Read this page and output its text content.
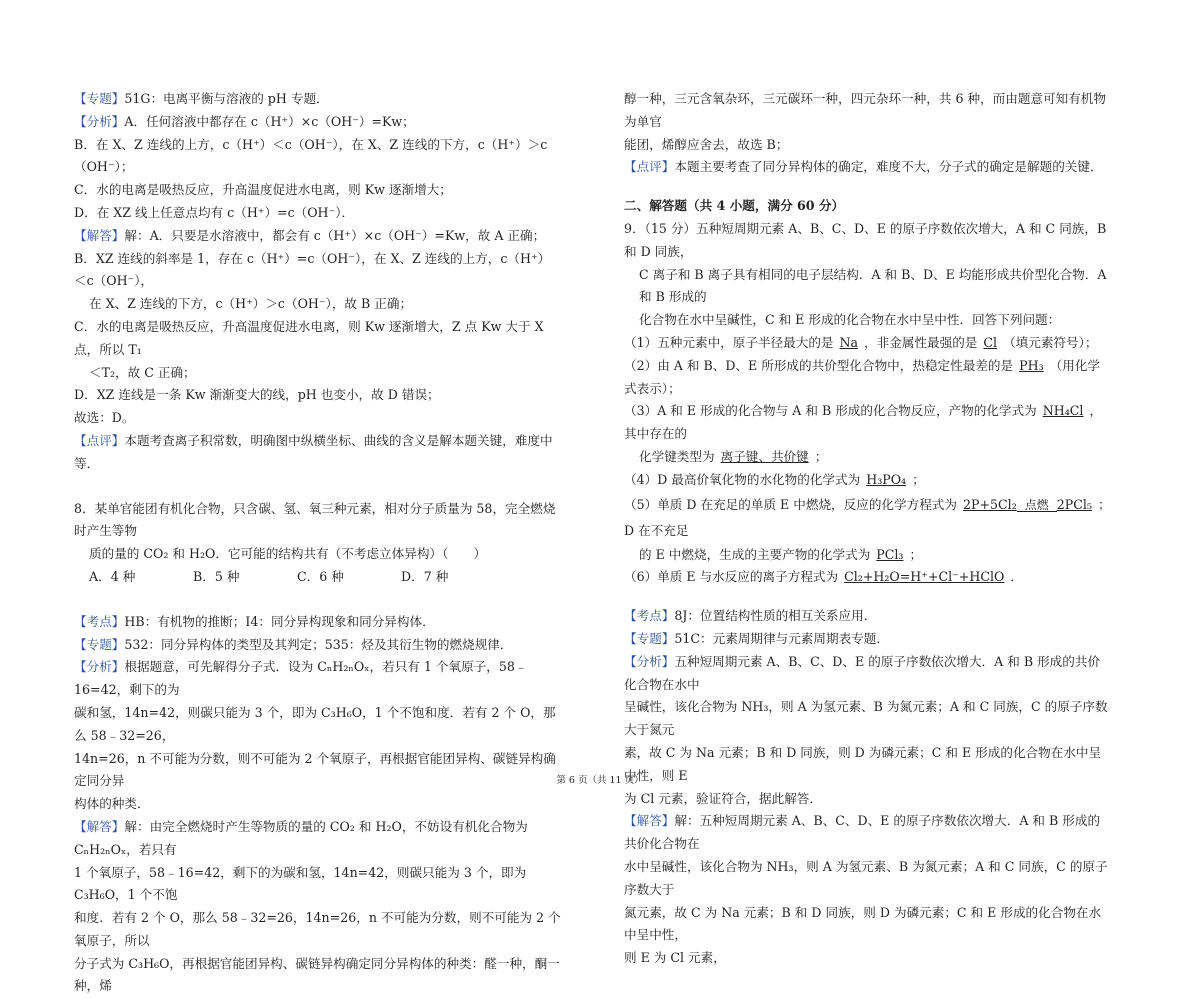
【专题】51G：电离平衡与溶液的 pH 专题．

【分析】A．任何溶液中都存在 c（H⁺）×c（OH⁻）=Kw；

B．在 X、Z 连线的上方，c（H⁺）＜c（OH⁻），在 X、Z 连线的下方，c（H⁺）＞c（OH⁻）；

C．水的电离是吸热反应，升高温度促进水电离，则 Kw 逐渐增大；

D．在 XZ 线上任意点均有 c（H⁺）=c（OH⁻）．

【解答】解：A．只要是水溶液中，都会有 c（H⁺）×c（OH⁻）=Kw，故 A 正确；

B．XZ 连线的斜率是 1，存在 c（H⁺）=c（OH⁻），在 X、Z 连线的上方，c（H⁺）＜c（OH⁻），

在 X、Z 连线的下方，c（H⁺）＞c（OH⁻），故 B 正确；

C．水的电离是吸热反应，升高温度促进水电离，则 Kw 逐渐增大，Z 点 Kw 大于 X 点，所以 T₁

＜T₂，故 C 正确；

D．XZ 连线是一条 Kw 渐渐变大的线，pH 也变小，故 D 错误；

故选：D。

【点评】本题考查离子积常数，明确图中纵横坐标、曲线的含义是解本题关键，难度中等．

8．某单官能团有机化合物，只含碳、氢、氧三种元素，相对分子质量为 58，完全燃烧时产生等物

质的量的 CO₂ 和 H₂O．它可能的结构共有（不考虑立体异构）（　　）

A．4 种	B．5 种	C．6 种	D．7 种

【考点】HB：有机物的推断；I4：同分异构现象和同分异构体．

【专题】532：同分异构体的类型及其判定；535：烃及其衍生物的燃烧规律．

【分析】根据题意，可先解得分子式．设为 CₙH₂ₙOₓ，若只有 1 个氧原子，58﹣16=42，剩下的为

碳和氢，14n=42，则碳只能为 3 个，即为 C₃H₆O，1 个不饱和度．若有 2 个 O，那么 58﹣32=26，

14n=26，n 不可能为分数，则不可能为 2 个氧原子，再根据官能团异构、碳链异构确定同分异

构体的种类．

【解答】解：由完全燃烧时产生等物质的量的 CO₂ 和 H₂O，不妨设有机化合物为 CₙH₂ₙOₓ，若只有

1 个氧原子，58﹣16=42，剩下的为碳和氢，14n=42，则碳只能为 3 个，即为 C₃H₆O，1 个不饱

和度．若有 2 个 O，那么 58﹣32=26，14n=26，n 不可能为分数，则不可能为 2 个氧原子，所以

分子式为 C₃H₆O，再根据官能团异构、碳链异构确定同分异构体的种类：醛一种，酮一种，烯

醇一种，三元含氧杂环，三元碳环一种，四元杂环一种，共 6 种，而由题意可知有机物为单官

能团，烯醇应舍去，故选 B；

【点评】本题主要考查了同分异构体的确定，难度不大，分子式的确定是解题的关键．

二、解答题（共 4 小题，满分 60 分）

9．（15 分）五种短周期元素 A、B、C、D、E 的原子序数依次增大，A 和 C 同族，B 和 D 同族，

C 离子和 B 离子具有相同的电子层结构．A 和 B、D、E 均能形成共价型化合物．A 和 B 形成的

化合物在水中呈碱性，C 和 E 形成的化合物在水中呈中性．回答下列问题：

（1）五种元素中，原子半径最大的是 Na ，非金属性最强的是 Cl （填元素符号）；

（2）由 A 和 B、D、E 所形成的共价型化合物中，热稳定性最差的是 PH₃ （用化学式表示）；

（3）A 和 E 形成的化合物与 A 和 B 形成的化合物反应，产物的化学式为 NH₄Cl ，其中存在的

化学键类型为 离子键、共价键 ；

（4）D 最高价氧化物的水化物的化学式为 H₃PO₄ ；

（5）单质 D 在充足的单质 E 中燃烧，反应的化学方程式为 2P+5Cl₂ 点燃 2PCl₅ ；D 在不充足

的 E 中燃烧，生成的主要产物的化学式为 PCl₃ ；

（6）单质 E 与水反应的离子方程式为 Cl₂+H₂O=H⁺+Cl⁻+HClO ．

【考点】8J：位置结构性质的相互关系应用．

【专题】51C：元素周期律与元素周期表专题．

【分析】五种短周期元素 A、B、C、D、E 的原子序数依次增大．A 和 B 形成的共价化合物在水中

呈碱性，该化合物为 NH₃，则 A 为氢元素、B 为氮元素；A 和 C 同族，C 的原子序数大于氮元

素，故 C 为 Na 元素；B 和 D 同族，则 D 为磷元素；C 和 E 形成的化合物在水中呈中性，则 E

为 Cl 元素，验证符合，据此解答．

【解答】解：五种短周期元素 A、B、C、D、E 的原子序数依次增大．A 和 B 形成的共价化合物在

水中呈碱性，该化合物为 NH₃，则 A 为氢元素、B 为氮元素；A 和 C 同族，C 的原子序数大于

氮元素，故 C 为 Na 元素；B 和 D 同族，则 D 为磷元素；C 和 E 形成的化合物在水中呈中性，

则 E 为 Cl 元素，

第 6 页（共 11 页）
